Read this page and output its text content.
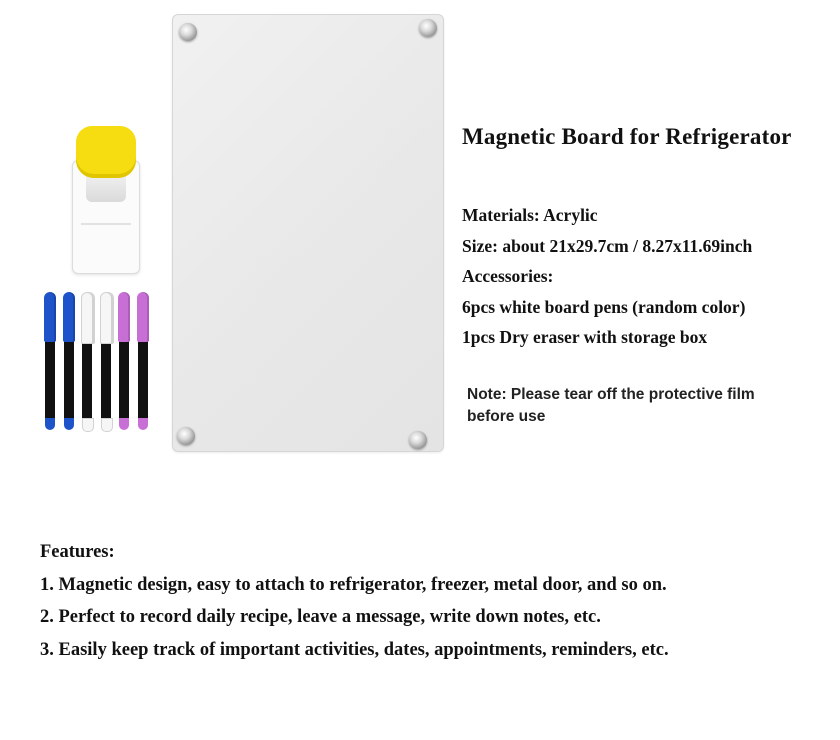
Magnetic Board for Refrigerator
Materials: Acrylic
Size: about 21x29.7cm / 8.27x11.69inch
Accessories:
6pcs white board pens (random color)
1pcs Dry eraser with storage box
Note: Please tear off the protective film before use
Features:
1. Magnetic design, easy to attach to refrigerator, freezer, metal door, and so on.
2. Perfect to record daily recipe, leave a message, write down notes, etc.
3. Easily keep track of important activities, dates, appointments, reminders, etc.
